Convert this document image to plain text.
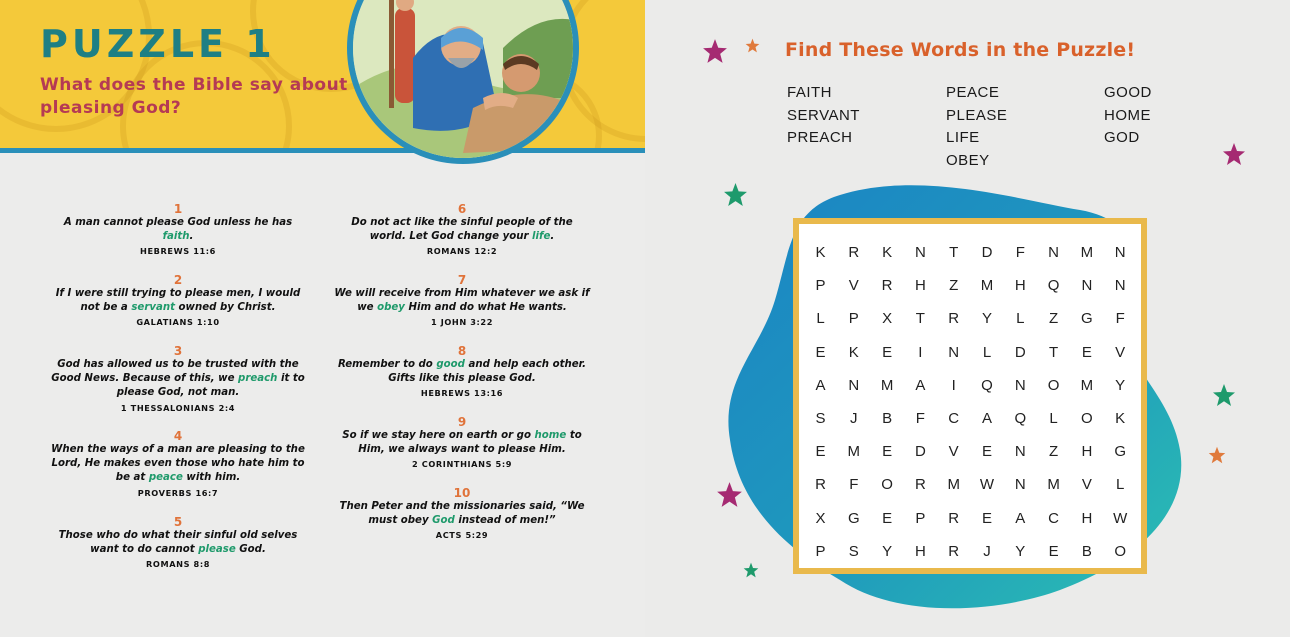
PUZZLE 1

What does the Bible say about pleasing God?

1
A man cannot please God unless he has faith.
HEBREWS 11:6
2
If I were still trying to please men, I would not be a servant owned by Christ.
GALATIANS 1:10
3
God has allowed us to be trusted with the Good News. Because of this, we preach it to please God, not man.
1 THESSALONIANS 2:4
4
When the ways of a man are pleasing to the Lord, He makes even those who hate him to be at peace with him.
PROVERBS 16:7
5
Those who do what their sinful old selves want to do cannot please God.
ROMANS 8:8
6
Do not act like the sinful people of the world. Let God change your life.
ROMANS 12:2
7
We will receive from Him whatever we ask if we obey Him and do what He wants.
1 JOHN 3:22
8
Remember to do good and help each other. Gifts like this please God.
HEBREWS 13:16
9
So if we stay here on earth or go home to Him, we always want to please Him.
2 CORINTHIANS 5:9
10
Then Peter and the missionaries said, “We must obey God instead of men!”
ACTS 5:29
Find These Words in the Puzzle!
FAITH
SERVANT
PREACH
PEACE
PLEASE
LIFE
OBEY
GOOD
HOME
GOD
K	R	K	N	T	D	F	N	M	N
P	V	R	H	Z	M	H	Q	N	N
L	P	X	T	R	Y	L	Z	G	F
E	K	E	I	N	L	D	T	E	V
A	N	M	A	I	Q	N	O	M	Y
S	J	B	F	C	A	Q	L	O	K
E	M	E	D	V	E	N	Z	H	G
R	F	O	R	M	W	N	M	V	L
X	G	E	P	R	E	A	C	H	W
P	S	Y	H	R	J	Y	E	B	O
